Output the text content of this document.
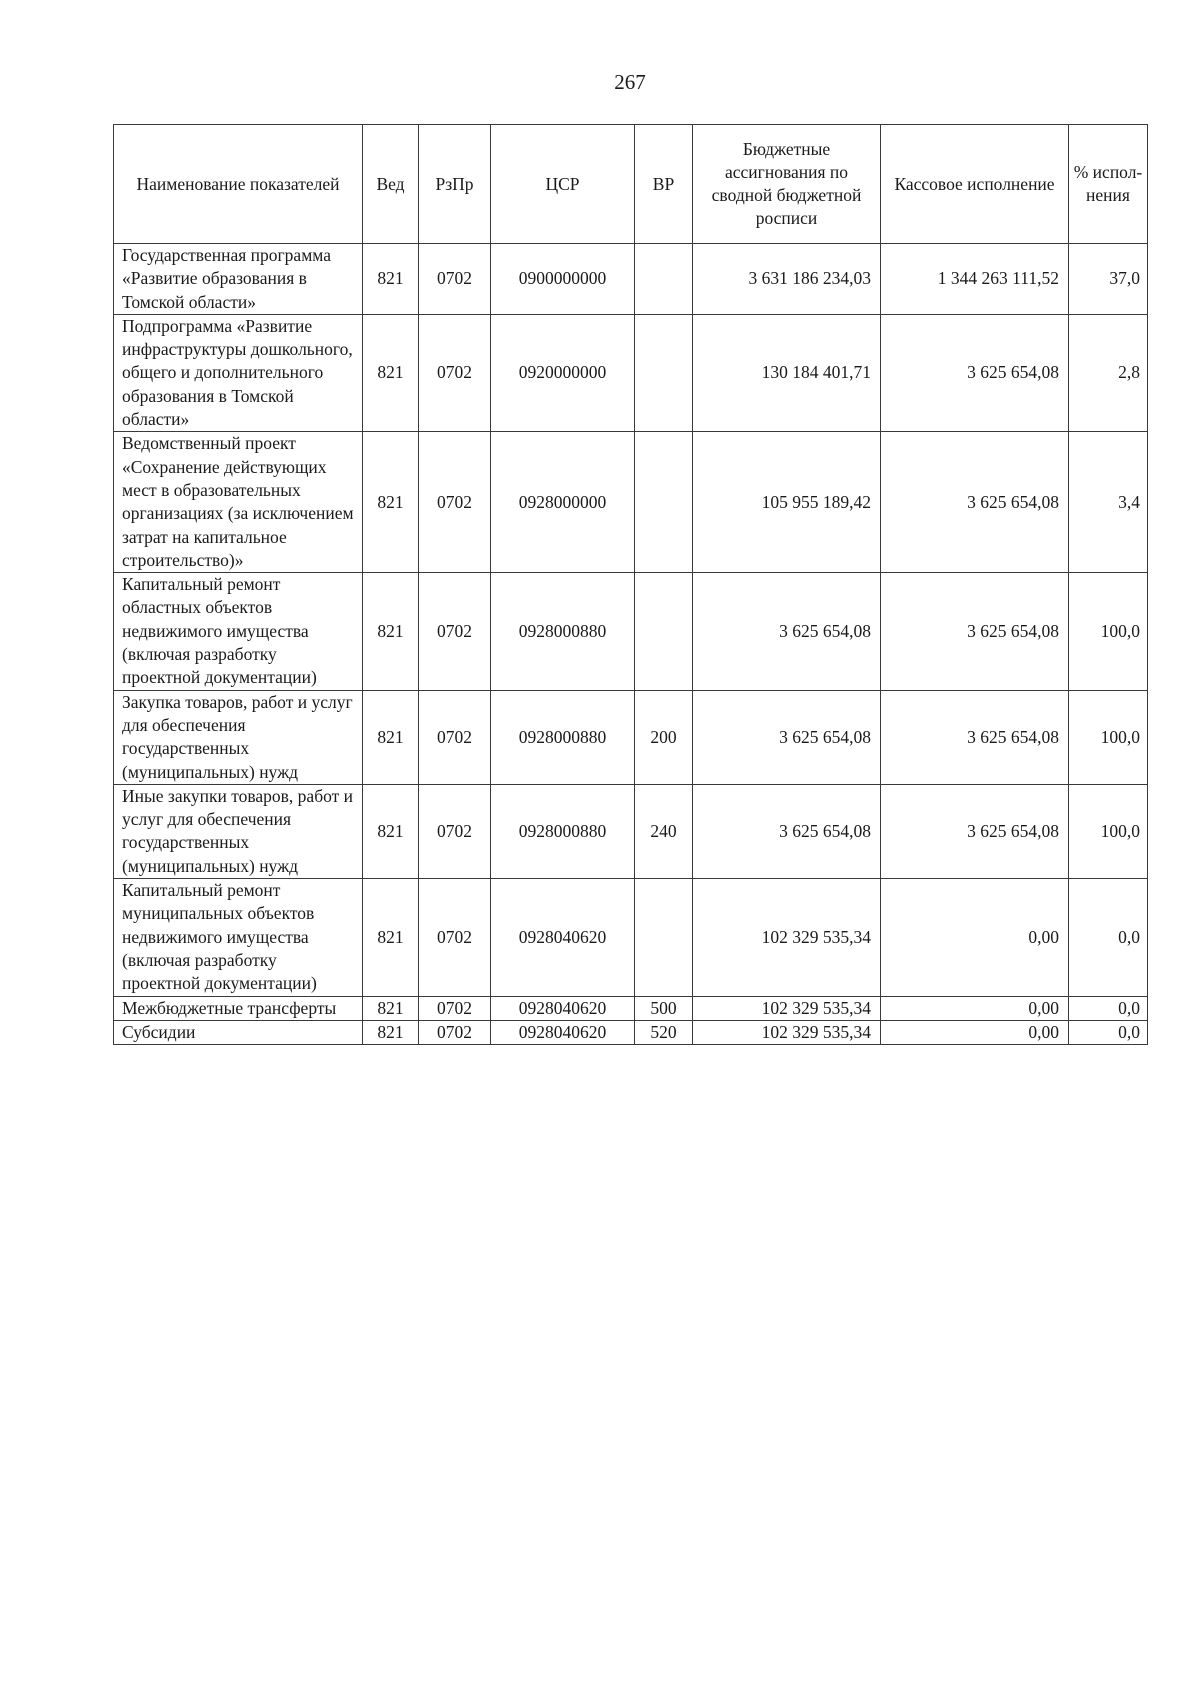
267
Наименование показателей	Вед	РзПр	ЦСР	ВР	Бюджетные ассигнования по сводной бюджетной росписи	Кассовое исполнение	% испол-нения
Государственная программа «Развитие образования в Томской области»	821	0702	0900000000		3 631 186 234,03	1 344 263 111,52	37,0
Подпрограмма «Развитие инфраструктуры дошкольного, общего и дополнительного образования в Томской области»	821	0702	0920000000		130 184 401,71	3 625 654,08	2,8
Ведомственный проект «Сохранение действующих мест в образовательных организациях (за исключением затрат на капитальное строительство)»	821	0702	0928000000		105 955 189,42	3 625 654,08	3,4
Капитальный ремонт областных объектов недвижимого имущества (включая разработку проектной документации)	821	0702	0928000880		3 625 654,08	3 625 654,08	100,0
Закупка товаров, работ и услуг для обеспечения государственных (муниципальных) нужд	821	0702	0928000880	200	3 625 654,08	3 625 654,08	100,0
Иные закупки товаров, работ и услуг для обеспечения государственных (муниципальных) нужд	821	0702	0928000880	240	3 625 654,08	3 625 654,08	100,0
Капитальный ремонт муниципальных объектов недвижимого имущества (включая разработку проектной документации)	821	0702	0928040620		102 329 535,34	0,00	0,0
Межбюджетные трансферты	821	0702	0928040620	500	102 329 535,34	0,00	0,0
Субсидии	821	0702	0928040620	520	102 329 535,34	0,00	0,0
